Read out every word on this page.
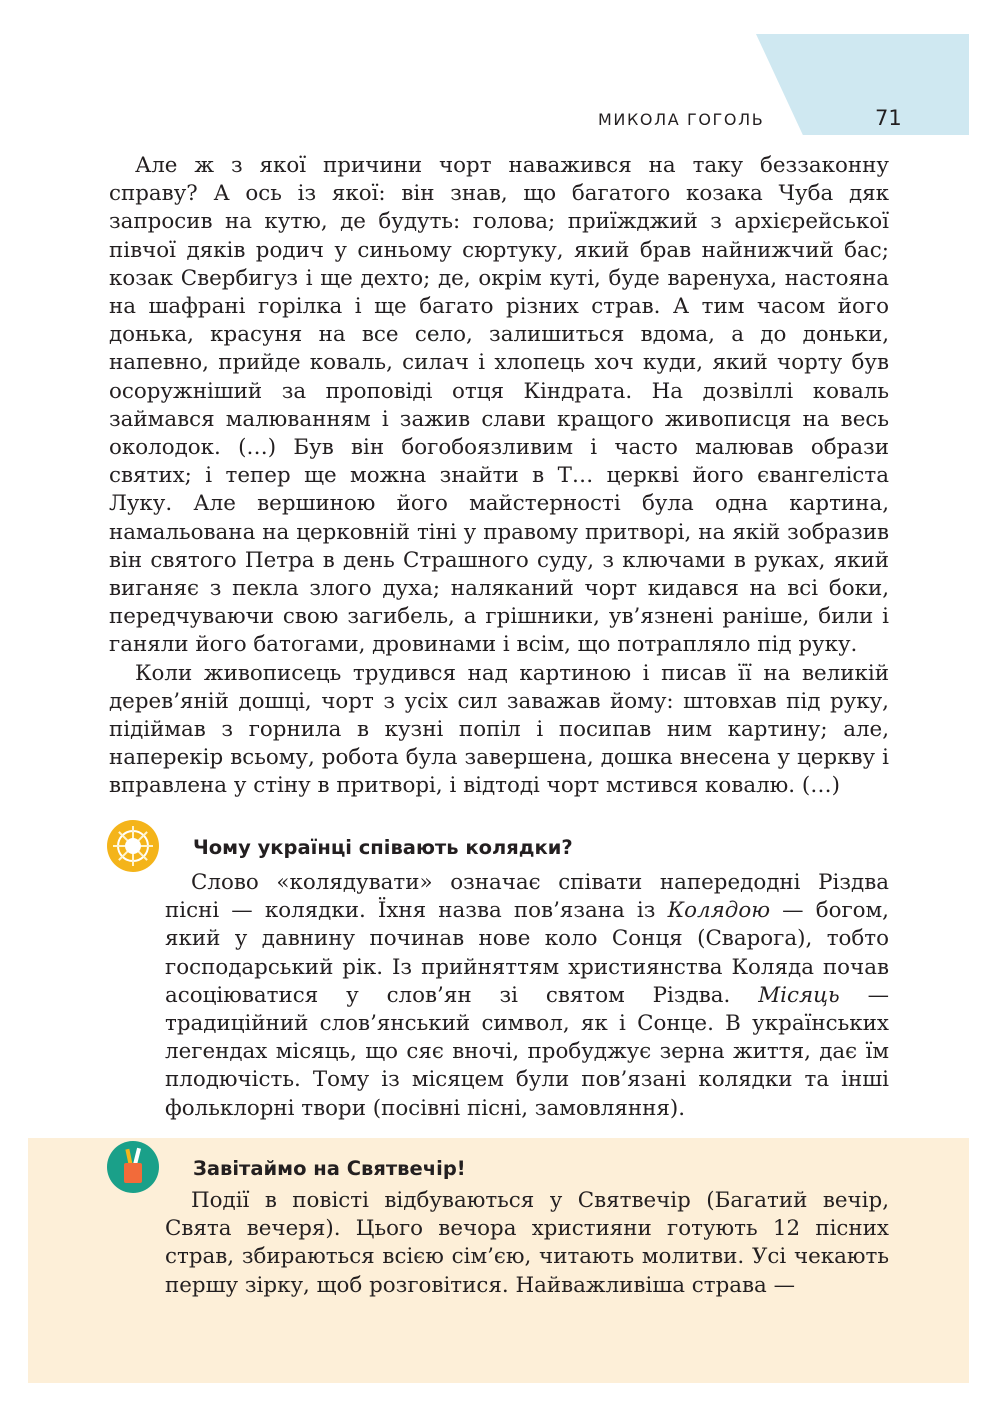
МИКОЛА ГОГОЛЬ	71

Але ж з якої причини чорт наважився на таку беззаконну справу? А ось із якої: він знав, що багатого козака Чуба дяк запросив на кутю, де будуть: голова; приїжджий з архієрейської півчої дяків родич у синьому сюртуку, який брав найнижчий бас; козак Свербигуз і ще дехто; де, окрім куті, буде варенуха, настояна на шафрані горілка і ще багато різних страв. А тим часом його донька, красуня на все село, залишиться вдома, а до доньки, напевно, прийде коваль, силач і хлопець хоч куди, який чорту був осоружніший за проповіді отця Кіндрата. На дозвіллі коваль займався малюванням і зажив слави кращого живописця на весь околодок. (…) Був він богобоязливим і часто малював образи святих; і тепер ще можна знайти в Т… церкві його євангеліста Луку. Але вершиною його майстерності була одна картина, намальована на церковній тіні у правому притворі, на якій зобразив він святого Петра в день Страшного суду, з ключами в руках, який виганяє з пекла злого духа; наляканий чорт кидався на всі боки, передчуваючи свою загибель, а грішники, ув’язнені раніше, били і ганяли його батогами, дровинами і всім, що потрапляло під руку.

Коли живописець трудився над картиною і писав її на великій дерев’яній дошці, чорт з усіх сил заважав йому: штовхав під руку, підіймав з горнила в кузні попіл і посипав ним картину; але, наперекір всьому, робота була завершена, дошка внесена у церкву і вправлена у стіну в притворі, і відтоді чорт мстився ковалю. (…)

Чому українці співають колядки?

Слово «колядувати» означає співати напередодні Різдва пісні — колядки. Їхня назва пов’язана із Колядою — богом, який у давнину починав нове коло Сонця (Сварога), тобто господарський рік. Із прийняттям християнства Коляда почав асоціюватися у слов’ян зі святом Різдва. Місяць — традиційний слов’янський символ, як і Сонце. В українських легендах місяць, що сяє вночі, пробуджує зерна життя, дає їм плодючість. Тому із місяцем були пов’язані колядки та інші фольклорні твори (посівні пісні, замовляння).

Завітаймо на Святвечір!

Події в повісті відбуваються у Святвечір (Багатий вечір, Свята вечеря). Цього вечора християни готують 12 пісних страв, збираються всією сім’єю, читають молитви. Усі чекають першу зірку, щоб розговітися. Найважливіша страва —
